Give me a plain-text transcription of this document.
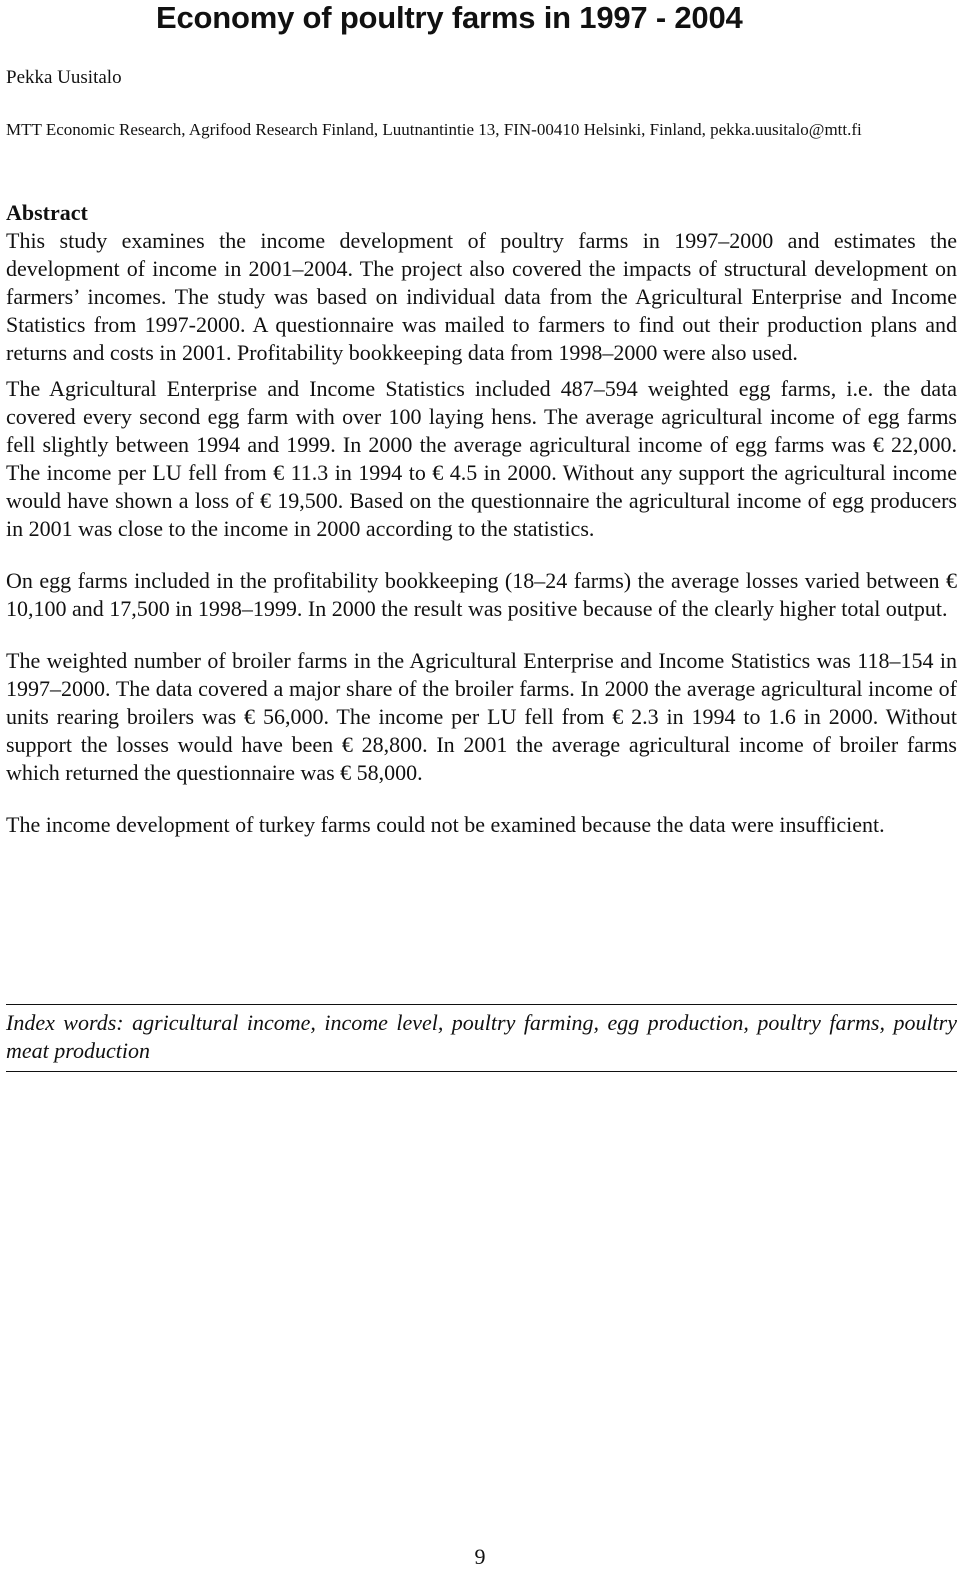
Economy of poultry farms in 1997 - 2004
Pekka Uusitalo
MTT Economic Research, Agrifood Research Finland, Luutnantintie 13, FIN-00410 Helsinki, Finland, pekka.uusitalo@mtt.fi
Abstract

This study examines the income development of poultry farms in 1997–2000 and estimates the development of income in 2001–2004. The project also covered the impacts of structural development on farmers’ incomes. The study was based on individual data from the Agricultural Enterprise and Income Statistics from 1997-2000. A questionnaire was mailed to farmers to find out their production plans and returns and costs in 2001. Profitability bookkeeping data from 1998–2000 were also used.

The Agricultural Enterprise and Income Statistics included 487–594 weighted egg farms, i.e. the data covered every second egg farm with over 100 laying hens. The average agricultural income of egg farms fell slightly between 1994 and 1999. In 2000 the average agricultural income of egg farms was € 22,000. The income per LU fell from € 11.3 in 1994 to € 4.5 in 2000. Without any support the agricultural income would have shown a loss of € 19,500. Based on the questionnaire the agricultural income of egg producers in 2001 was close to the income in 2000 according to the statistics.

On egg farms included in the profitability bookkeeping (18–24 farms) the average losses varied between € 10,100 and 17,500 in 1998–1999. In 2000 the result was positive because of the clearly higher total output.

The weighted number of broiler farms in the Agricultural Enterprise and Income Statistics was 118–154 in 1997–2000. The data covered a major share of the broiler farms. In 2000 the average agricultural income of units rearing broilers was € 56,000. The income per LU fell from € 2.3 in 1994 to 1.6 in 2000. Without support the losses would have been € 28,800. In 2001 the average agricultural income of broiler farms which returned the questionnaire was € 58,000.

The income development of turkey farms could not be examined because the data were insufficient.

Index words: agricultural income, income level, poultry farming, egg production, poultry farms, poultry meat production

9
